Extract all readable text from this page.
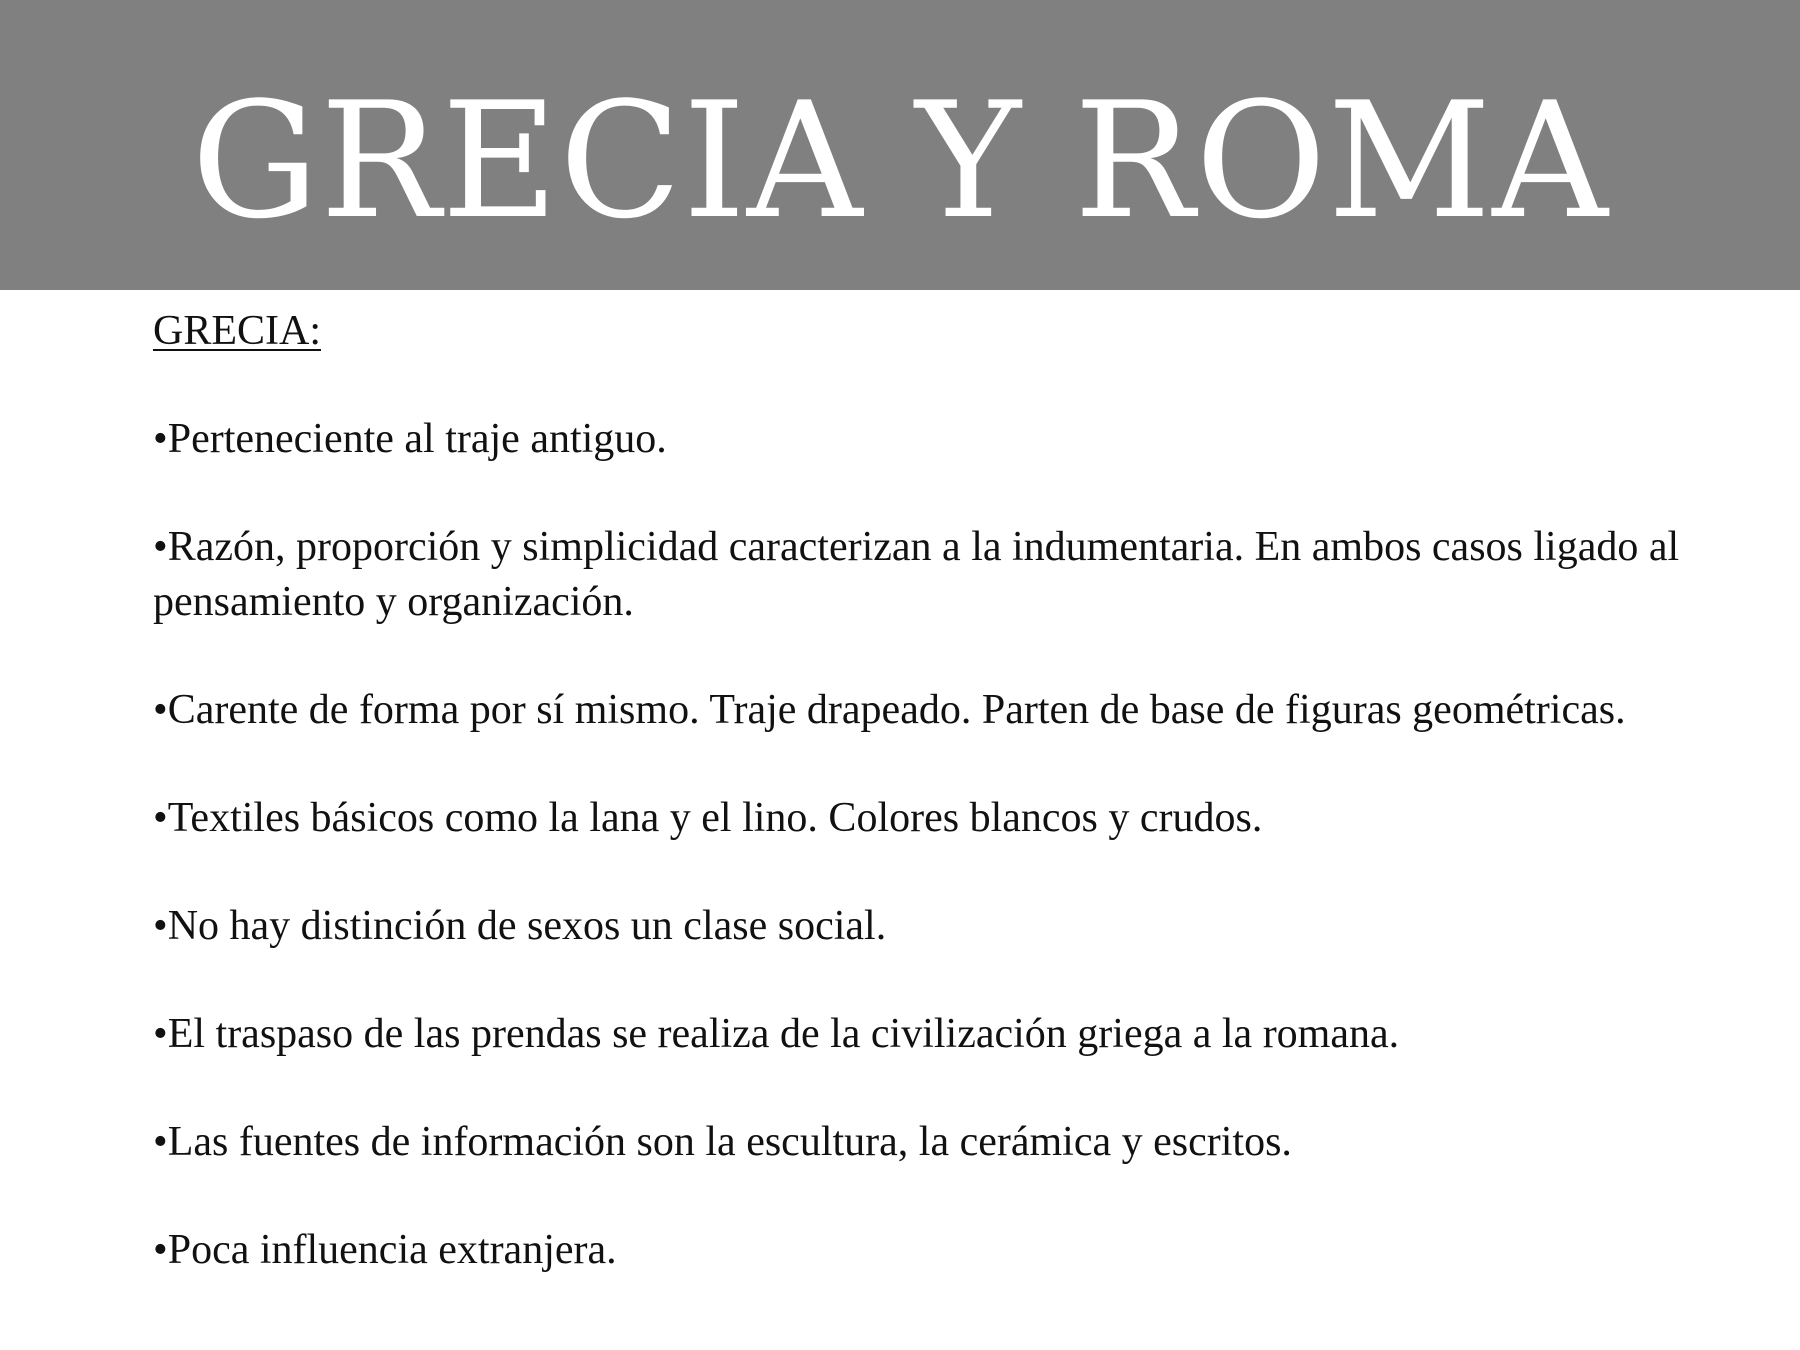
GRECIA Y ROMA
GRECIA:
•Perteneciente al traje antiguo.
•Razón, proporción y simplicidad caracterizan a la indumentaria. En ambos casos ligado al pensamiento y organización.
•Carente de forma por sí mismo. Traje drapeado. Parten de base de figuras geométricas.
•Textiles básicos como la lana y el lino. Colores blancos y crudos.
•No hay distinción de sexos un clase social.
•El traspaso de las prendas se realiza de la civilización griega a la romana.
•Las fuentes de información son la escultura, la cerámica y escritos.
•Poca influencia extranjera.
